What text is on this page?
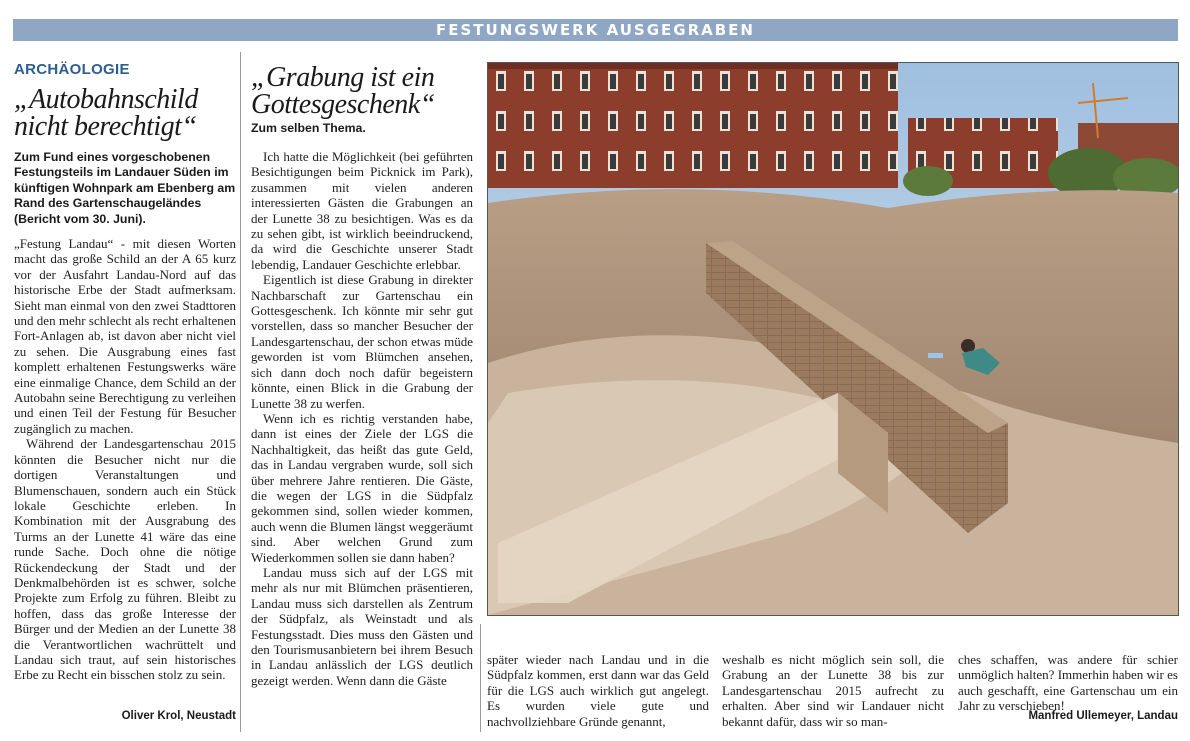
FESTUNGSWERK AUSGEGRABEN
ARCHÄOLOGIE
„Autobahnschild
nicht berechtigt“
Zum Fund eines vorgeschobenen Festungsteils im Landauer Süden im künftigen Wohnpark am Ebenberg am Rand des Gartenschaugeländes (Bericht vom 30. Juni).

„Festung Landau“ - mit diesen Worten macht das große Schild an der A 65 kurz vor der Ausfahrt Landau-Nord auf das historische Erbe der Stadt aufmerksam. Sieht man einmal von den zwei Stadttoren und den mehr schlecht als recht erhaltenen Fort-Anlagen ab, ist davon aber nicht viel zu sehen. Die Ausgrabung eines fast komplett erhaltenen Festungswerks wäre eine einmalige Chance, dem Schild an der Autobahn seine Berechtigung zu verleihen und einen Teil der Festung für Besucher zugänglich zu machen.

Während der Landesgartenschau 2015 könnten die Besucher nicht nur die dortigen Veranstaltungen und Blumenschauen, sondern auch ein Stück lokale Geschichte erleben. In Kombination mit der Ausgrabung des Turms an der Lunette 41 wäre das eine runde Sache. Doch ohne die nötige Rückendeckung der Stadt und der Denkmalbehörden ist es schwer, solche Projekte zum Erfolg zu führen. Bleibt zu hoffen, dass das große Interesse der Bürger und der Medien an der Lunette 38 die Verantwortlichen wachrüttelt und Landau sich traut, auf sein historisches Erbe zu Recht ein bisschen stolz zu sein.

Oliver Krol, Neustadt
„Grabung ist ein
Gottesgeschenk“
Zum selben Thema.

Ich hatte die Möglichkeit (bei geführten Besichtigungen beim Picknick im Park), zusammen mit vielen anderen interessierten Gästen die Grabungen an der Lunette 38 zu besichtigen. Was es da zu sehen gibt, ist wirklich beeindruckend, da wird die Geschichte unserer Stadt lebendig, Landauer Geschichte erlebbar.

Eigentlich ist diese Grabung in direkter Nachbarschaft zur Gartenschau ein Gottesgeschenk. Ich könnte mir sehr gut vorstellen, dass so mancher Besucher der Landesgartenschau, der schon etwas müde geworden ist vom Blümchen ansehen, sich dann doch noch dafür begeistern könnte, einen Blick in die Grabung der Lunette 38 zu werfen.

Wenn ich es richtig verstanden habe, dann ist eines der Ziele der LGS die Nachhaltigkeit, das heißt das gute Geld, das in Landau vergraben wurde, soll sich über mehrere Jahre rentieren. Die Gäste, die wegen der LGS in die Südpfalz gekommen sind, sollen wieder kommen, auch wenn die Blumen längst weggeräumt sind. Aber welchen Grund zum Wiederkommen sollen sie dann haben?

Landau muss sich auf der LGS mit mehr als nur mit Blümchen präsentieren, Landau muss sich darstellen als Zentrum der Südpfalz, als Weinstadt und als Festungsstadt. Dies muss den Gästen und den Tourismusanbietern bei ihrem Besuch in Landau anlässlich der LGS deutlich gezeigt werden. Wenn dann die Gäste

später wieder nach Landau und in die Südpfalz kommen, erst dann war das Geld für die LGS auch wirklich gut angelegt. Es wurden viele gute und nachvollziehbare Gründe genannt,

weshalb es nicht möglich sein soll, die Grabung an der Lunette 38 bis zur Landesgartenschau 2015 aufrecht zu erhalten. Aber sind wir Landauer nicht bekannt dafür, dass wir so man-

ches schaffen, was andere für schier unmöglich halten? Immerhin haben wir es auch geschafft, eine Gartenschau um ein Jahr zu verschieben!

Manfred Ullemeyer, Landau
